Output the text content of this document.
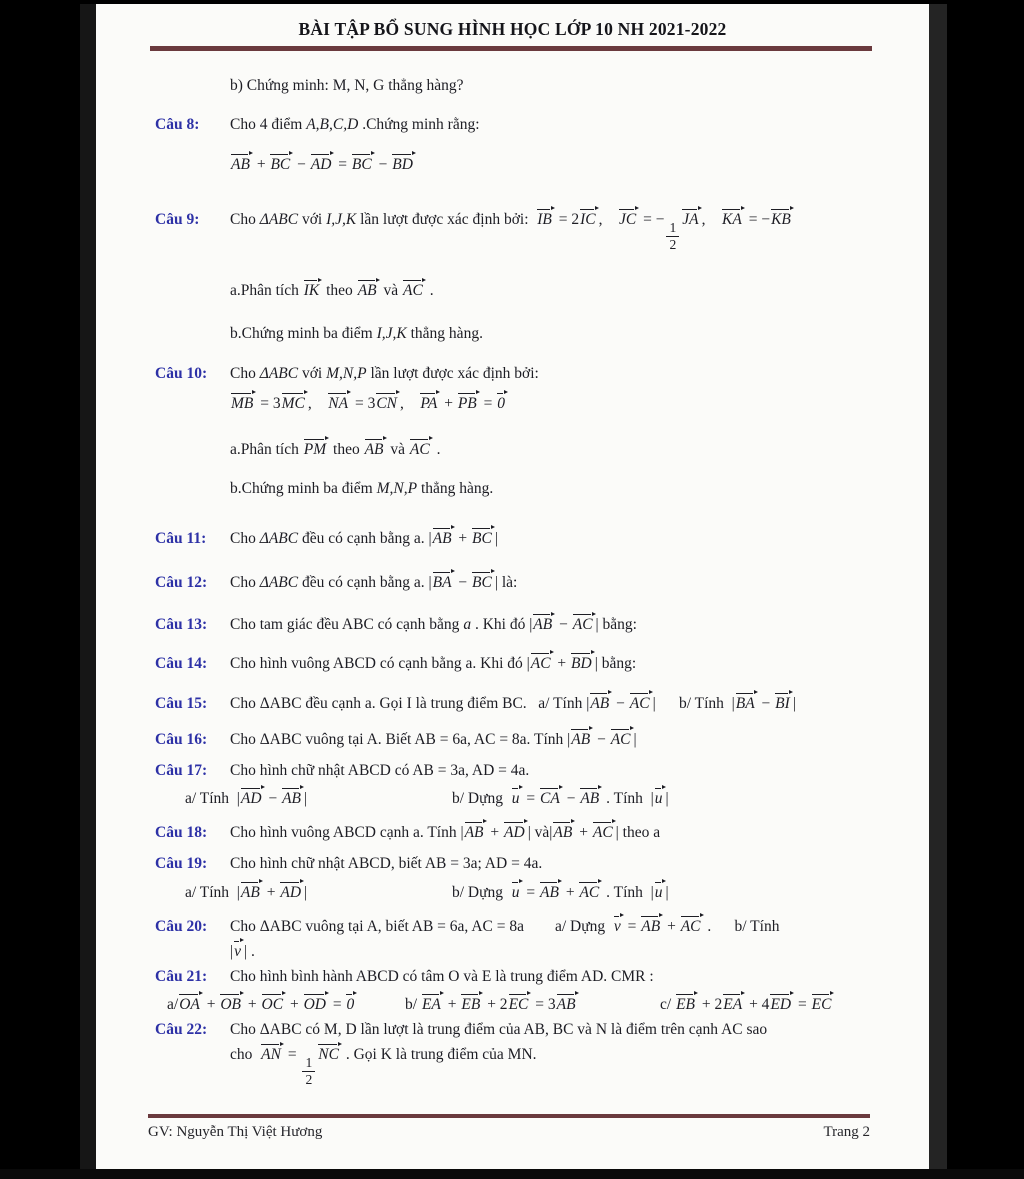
BÀI TẬP BỔ SUNG HÌNH HỌC LỚP 10 NH 2021-2022
b) Chứng minh: M, N, G thẳng hàng?
Câu 8:	Cho 4 điểm A,B,C,D .Chứng minh rằng:
AB + BC − AD = BC − BD
Câu 9:	Cho ΔABC với I,J,K lần lượt được xác định bởi:  IB = 2IC ,    JC = −
$\frac{1}{2}$
JA ,    KA = −KB
a.Phân tích IK theo AB và AC .
b.Chứng minh ba điểm I,J,K thẳng hàng.
Câu 10:	Cho ΔABC với M,N,P lần lượt được xác định bởi:
MB = 3MC ,    NA = 3CN ,    PA + PB = 0
a.Phân tích PM theo AB và AC .
b.Chứng minh ba điểm M,N,P thẳng hàng.
Câu 11:	Cho ΔABC đều có cạnh bằng a. |AB + BC |
Câu 12:	Cho ΔABC đều có cạnh bằng a. |BA − BC | là:
Câu 13:	Cho tam giác đều ABC có cạnh bằng a . Khi đó |AB − AC | bằng:
Câu 14:	Cho hình vuông ABCD có cạnh bằng a. Khi đó |AC + BD | bằng:
Câu 15:	Cho ΔABC đều cạnh a. Gọi I là trung điểm BC.   a/ Tính |AB − AC |      b/ Tính  |BA − BI |
Câu 16:	Cho ΔABC vuông tại A. Biết AB = 6a, AC = 8a. Tính |AB − AC |
Câu 17:	Cho hình chữ nhật ABCD có AB = 3a, AD = 4a.
a/ Tính  |AD − AB |	b/ Dựng  u = CA − AB . Tính  |u |
Câu 18:	Cho hình vuông ABCD cạnh a. Tính |AB + AD | và|AB + AC | theo a
Câu 19:	Cho hình chữ nhật ABCD, biết AB = 3a; AD = 4a.
a/ Tính  |AB + AD |	b/ Dựng  u = AB + AC . Tính  |u |
Câu 20:	Cho ΔABC vuông tại A, biết AB = 6a, AC = 8a        a/ Dựng  v = AB + AC .      b/ Tính
|v | .
Câu 21:	Cho hình bình hành ABCD có tâm O và E là trung điểm AD. CMR :
a/OA + OB + OC + OD = 0	b/ EA + EB + 2EC = 3AB	c/ EB + 2EA + 4ED = EC
Câu 22:	Cho ΔABC có M, D lần lượt là trung điểm của AB, BC và N là điểm trên cạnh AC sao
cho  AN =
$\frac{1}{2}$
NC . Gọi K là trung điểm của MN.
GV: Nguyễn Thị Việt Hương	Trang 2
